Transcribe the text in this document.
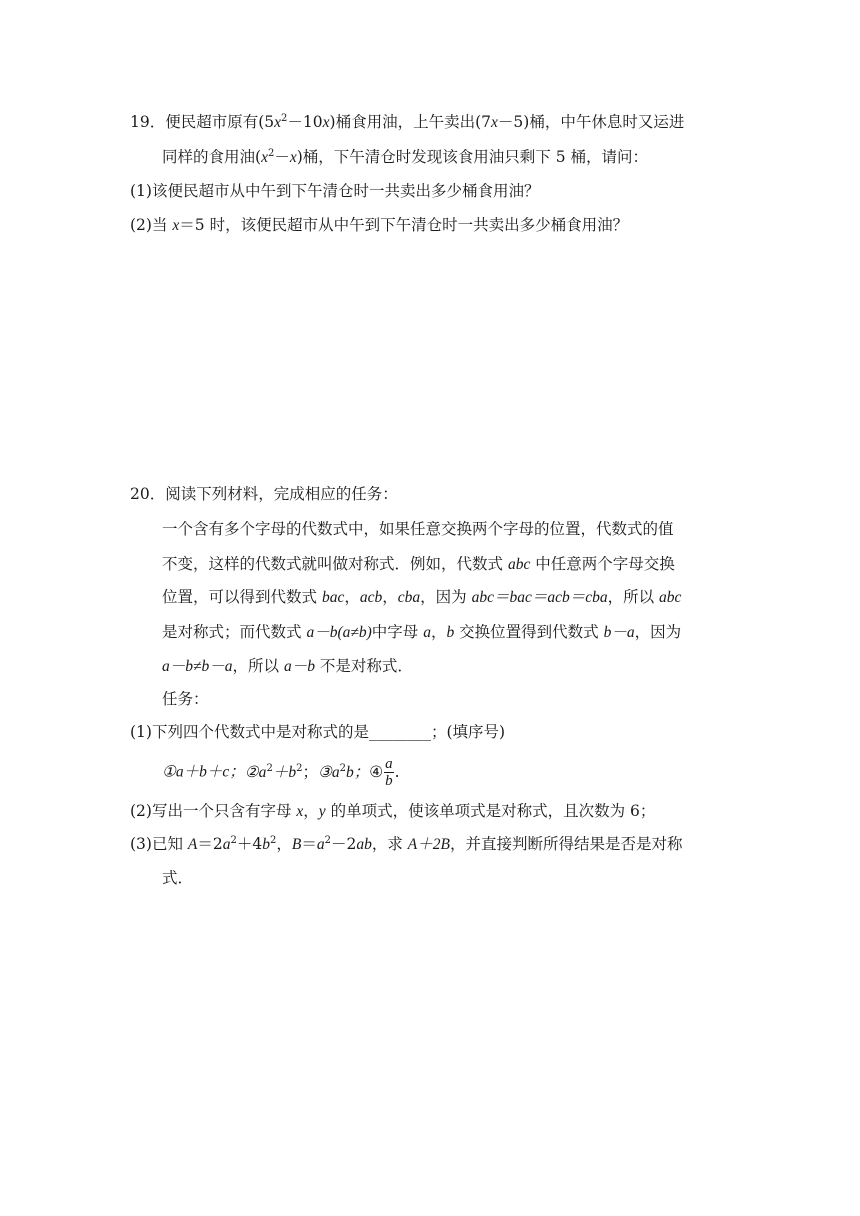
19．便民超市原有$(5x^2-10x)$桶食用油，上午卖出(7x－5)桶，中午休息时又运进
同样的食用油$(x^2-x)$桶，下午清仓时发现该食用油只剩下 5 桶，请问：
(1)该便民超市从中午到下午清仓时一共卖出多少桶食用油？
(2)当 x＝5 时，该便民超市从中午到下午清仓时一共卖出多少桶食用油？
20．阅读下列材料，完成相应的任务：
一个含有多个字母的代数式中，如果任意交换两个字母的位置，代数式的值
不变，这样的代数式就叫做对称式．例如，代数式 abc 中任意两个字母交换
位置，可以得到代数式 bac，acb，cba，因为 abc＝bac＝acb＝cba，所以 abc
是对称式；而代数式 a－b(a≠b)中字母 a，b 交换位置得到代数式 b－a，因为
a－b≠b－a，所以 a－b 不是对称式．
任务：
(1)下列四个代数式中是对称式的是________；(填序号)
①a＋b＋c；$②a^2+b^2$；$③a^2b$；④ $\frac{a}{b}$ .
(2)写出一个只含有字母 x，y 的单项式，使该单项式是对称式，且次数为 6；
(3)已知 $A=2a^2+4b^2$，$B=a^2-2ab$，求 A＋2B，并直接判断所得结果是否是对称
式．
